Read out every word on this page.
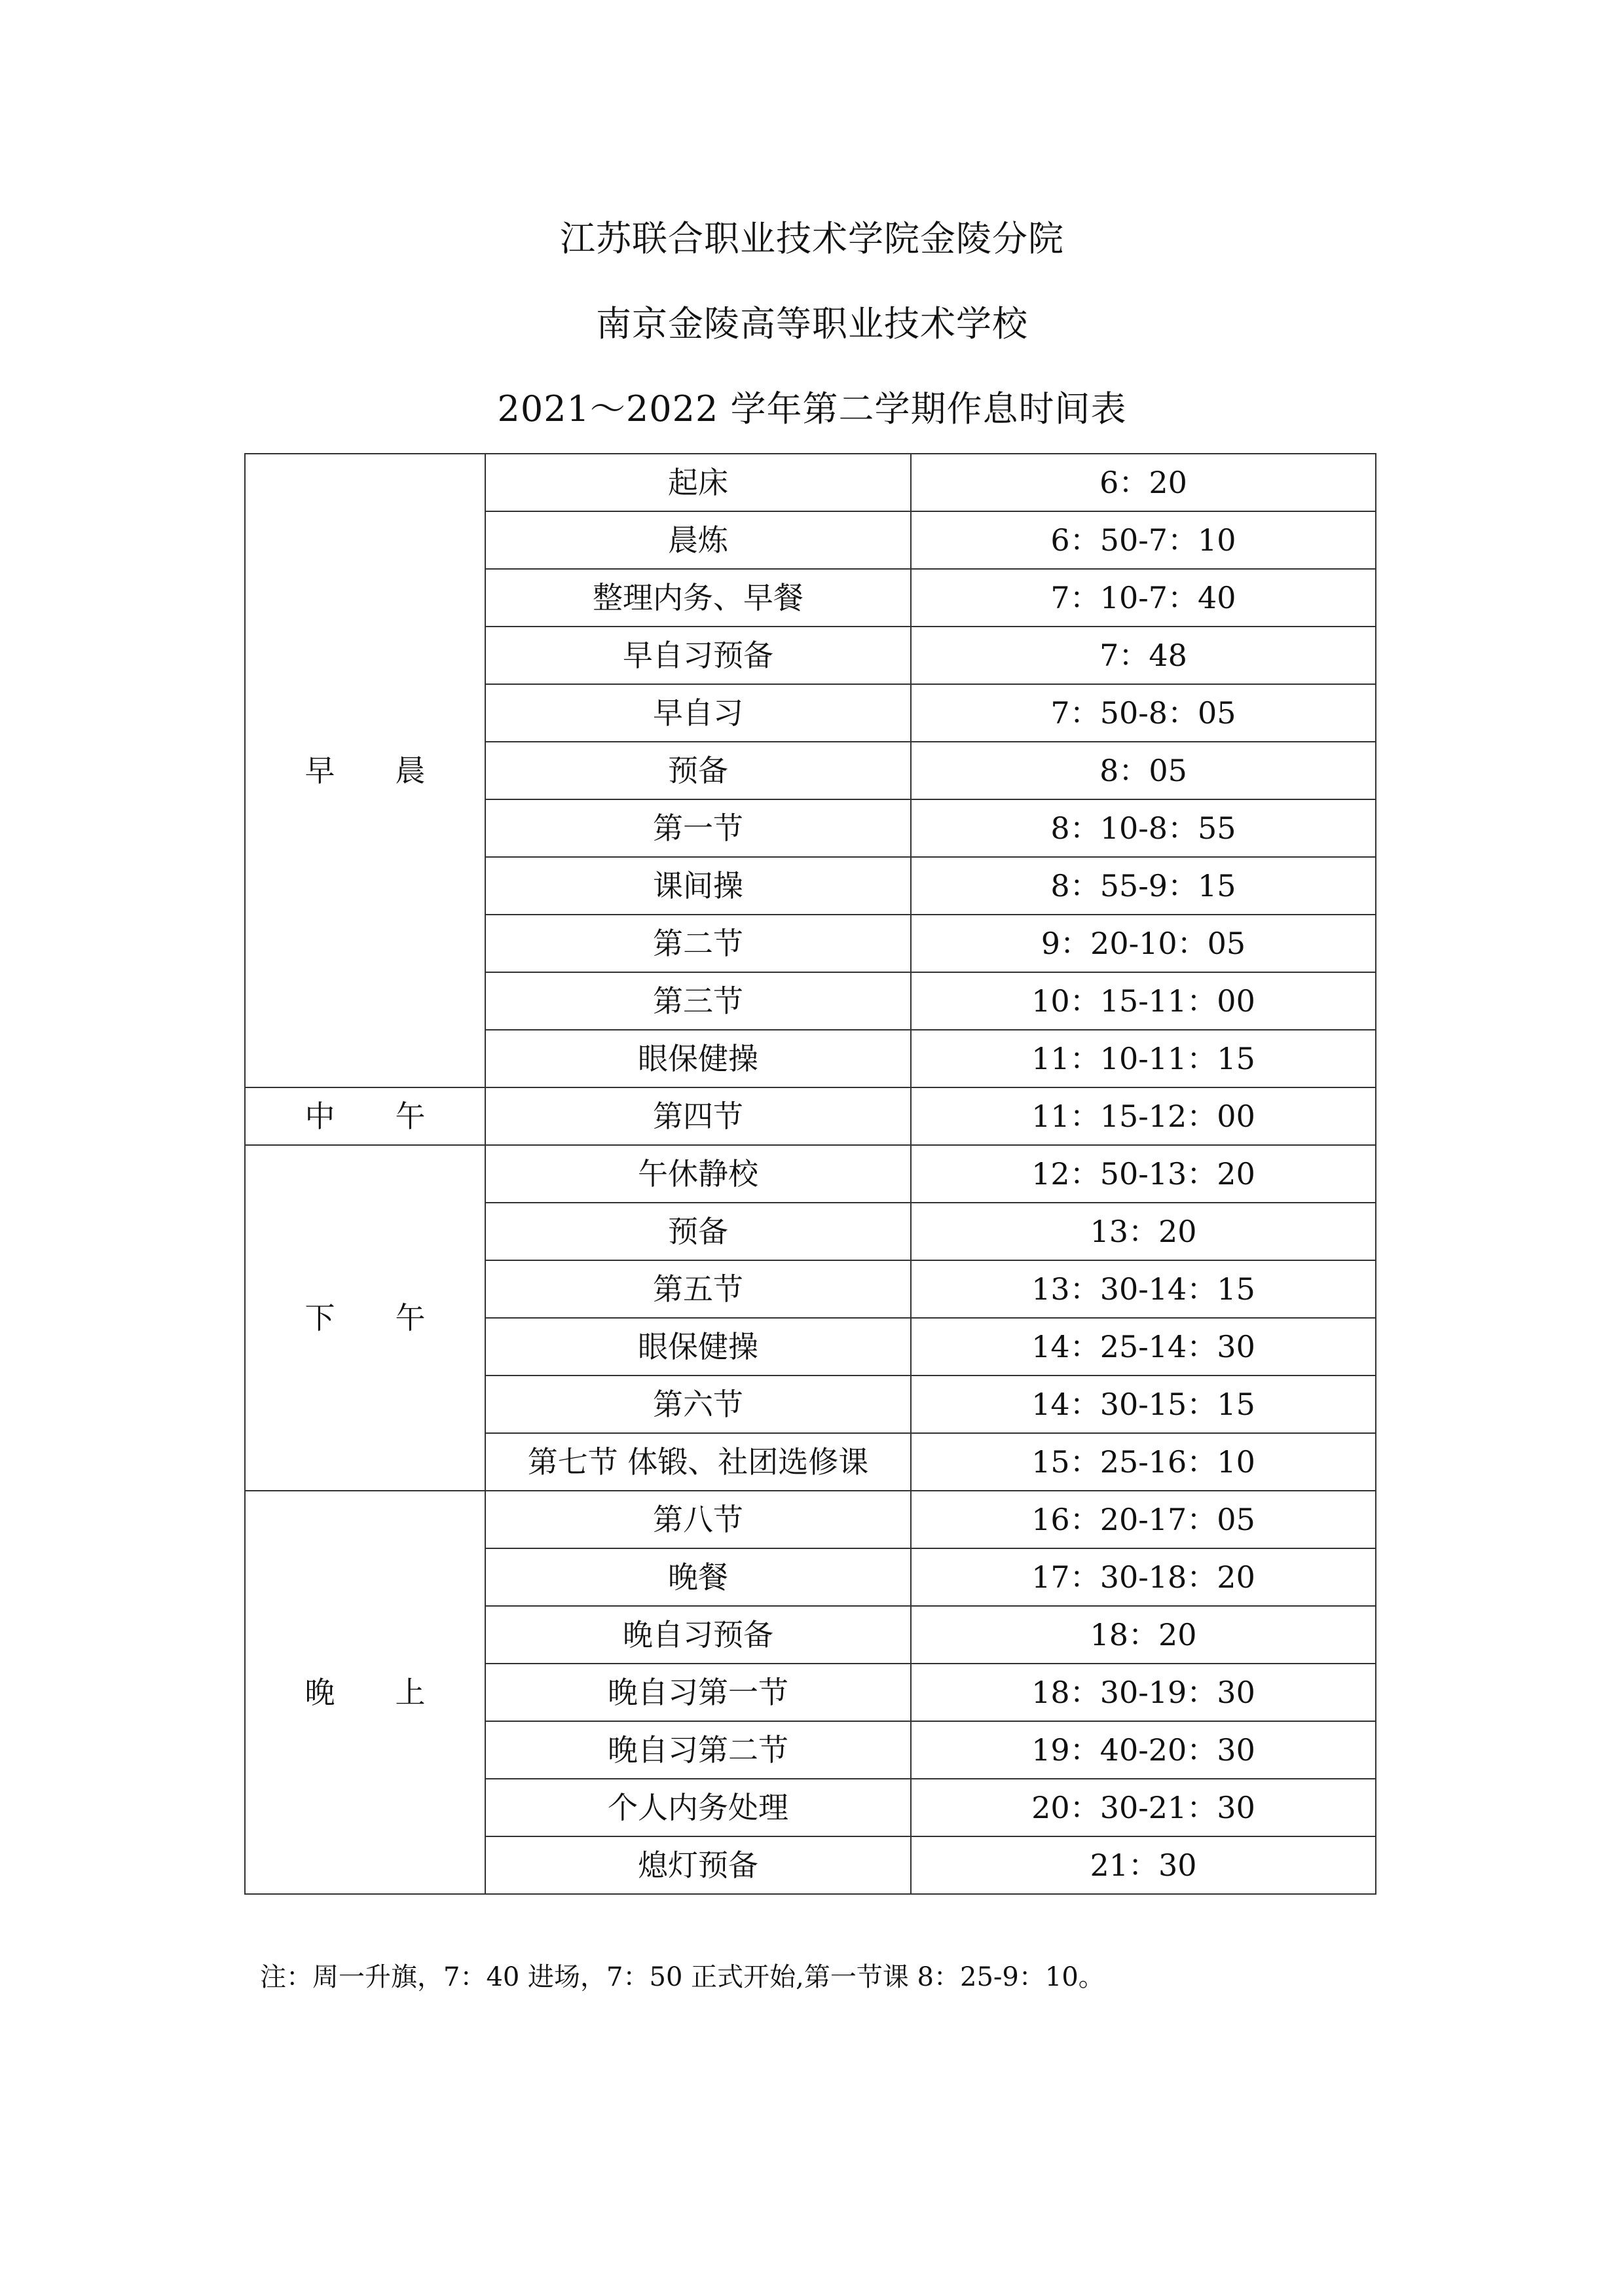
江苏联合职业技术学院金陵分院
南京金陵高等职业技术学校
2021～2022 学年第二学期作息时间表
早　　晨	起床	6：20
	晨炼	6：50-7：10
	整理内务、早餐	7：10-7：40
	早自习预备	7：48
	早自习	7：50-8：05
	预备	8：05
	第一节	8：10-8：55
	课间操	8：55-9：15
	第二节	9：20-10：05
	第三节	10：15-11：00
	眼保健操	11：10-11：15
中　　午	第四节	11：15-12：00
下　　午	午休静校	12：50-13：20
	预备	13：20
	第五节	13：30-14：15
	眼保健操	14：25-14：30
	第六节	14：30-15：15
	第七节 体锻、社团选修课	15：25-16：10
晚　　上	第八节	16：20-17：05
	晚餐	17：30-18：20
	晚自习预备	18：20
	晚自习第一节	18：30-19：30
	晚自习第二节	19：40-20：30
	个人内务处理	20：30-21：30
	熄灯预备	21：30
注：周一升旗，7：40 进场，7：50 正式开始,第一节课 8：25-9：10。
